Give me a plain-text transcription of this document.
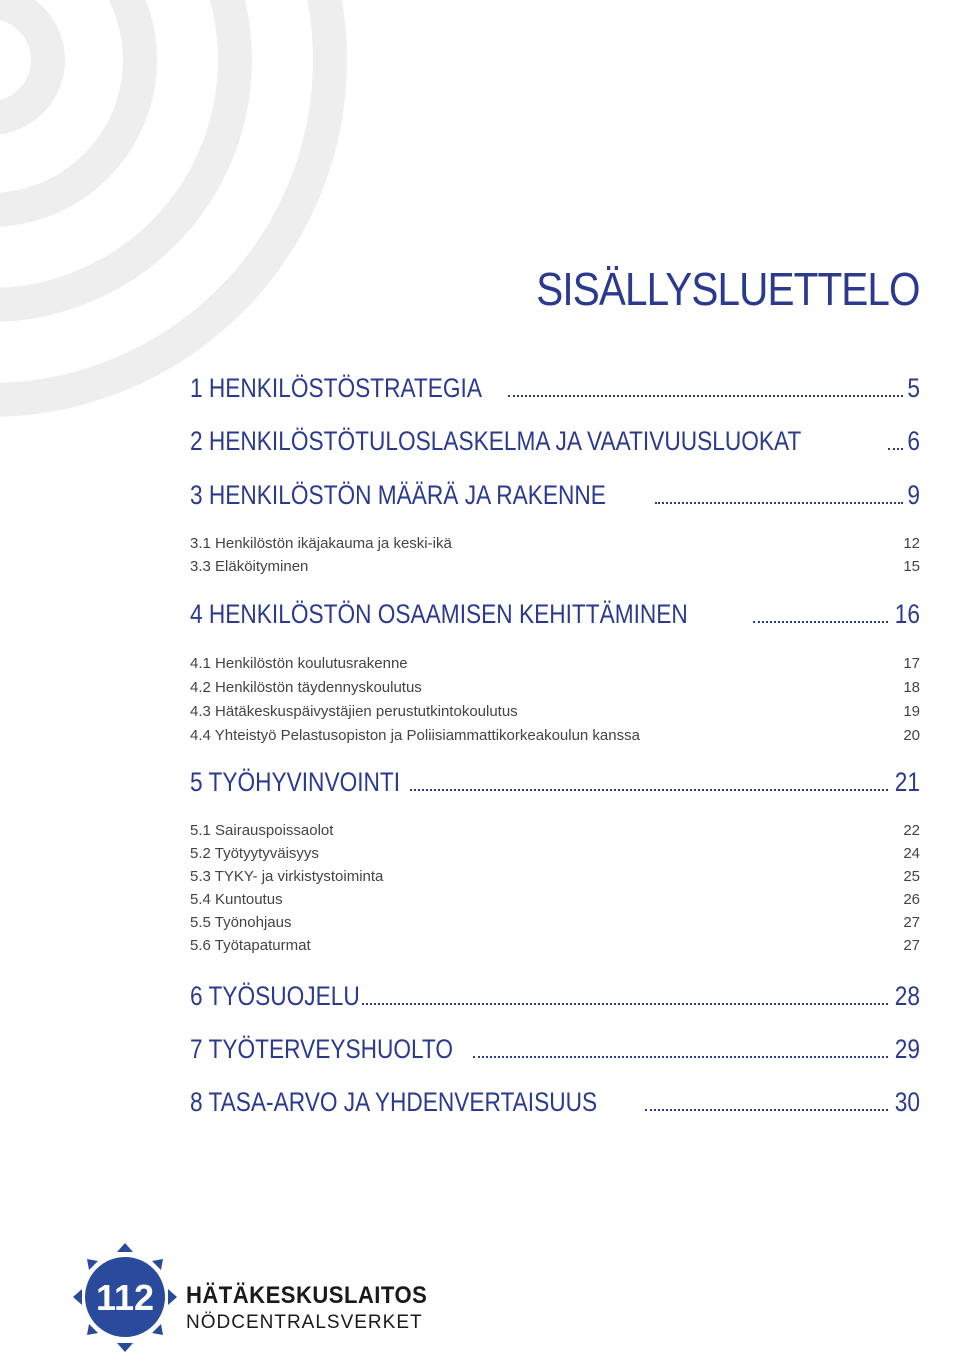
SISÄLLYSLUETTELO
1 HENKILÖSTÖSTRATEGIA	5
2 HENKILÖSTÖTULOSLASKELMA JA VAATIVUUSLUOKAT	6
3 HENKILÖSTÖN MÄÄRÄ JA RAKENNE	9
3.1 Henkilöstön ikäjakauma ja keski-ikä	12
3.3 Eläköityminen	15
4 HENKILÖSTÖN OSAAMISEN KEHITTÄMINEN	16
4.1 Henkilöstön koulutusrakenne	17
4.2 Henkilöstön täydennyskoulutus	18
4.3 Hätäkeskuspäivystäjien perustutkintokoulutus	19
4.4 Yhteistyö Pelastusopiston ja Poliisiammattikorkeakoulun kanssa	20
5 TYÖHYVINVOINTI	21
5.1 Sairauspoissaolot	22
5.2 Työtyytyväisyys	24
5.3 TYKY- ja virkistystoiminta	25
5.4 Kuntoutus	26
5.5 Työnohjaus	27
5.6 Työtapaturmat	27
6 TYÖSUOJELU	28
7 TYÖTERVEYSHUOLTO	29
8 TASA-ARVO JA YHDENVERTAISUUS	30
112 HÄTÄKESKUSLAITOS
NÖDCENTRALSVERKET
